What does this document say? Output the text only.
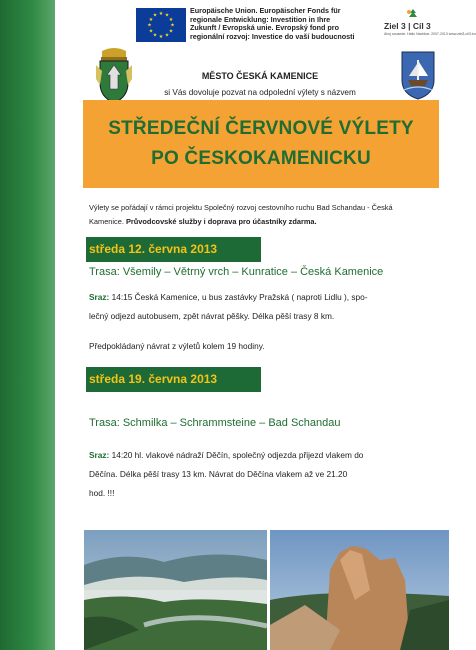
★ ★
★
★
★
★
★
★
★
★
★
★
Europäische Union. Europäischer Fonds für
regionale Entwicklung: Investition in Ihre
Zukunft / Evropská unie. Evropský fond pro
regionální rozvoj: Investice do vaší budoucnosti
Ziel 3 | Cíl 3
Ahoj sousede. Hallo Nachbar. 2007-2013 www.ziel3-cil3.eu
MĚSTO ČESKÁ KAMENICE
si Vás dovoluje pozvat na odpolední výlety s názvem
STŘEDEČNÍ ČERVNOVÉ VÝLETY
PO ČESKOKAMENICKU
Výlety se pořádají v rámci projektu Společný rozvoj cestovního ruchu Bad Schandau - Česká
Kamenice. Průvodcovské služby i doprava pro účastníky zdarma.
středa 12. června 2013
Trasa: Všemily – Větrný vrch – Kunratice – Česká Kamenice
Sraz: 14:15 Česká Kamenice, u bus zastávky Pražská ( naproti Lidlu ), spo-
lečný odjezd autobusem, zpět návrat pěšky. Délka pěší trasy 8 km.
Předpokládaný návrat z výletů kolem 19 hodiny.
středa 19. června 2013
Trasa: Schmilka – Schrammsteine – Bad Schandau
Sraz: 14:20 hl. vlakové nádraží Děčín, společný odjezda přijezd vlakem do
Děčína. Délka pěší trasy 13 km. Návrat do Děčína vlakem až ve 21.20
hod. !!!
